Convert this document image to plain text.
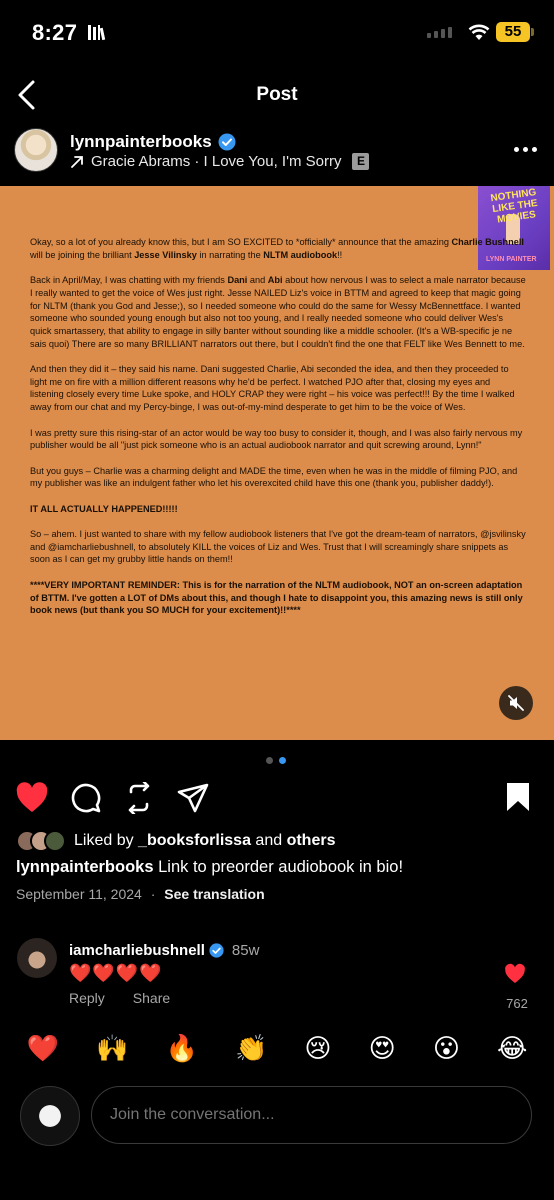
8:27	55
Post
lynnpainterbooks
Gracie Abrams · I Love You, I'm Sorry	E
NOTHING LIKE THE MOVIES
LYNN PAINTER

Okay, so a lot of you already know this, but I am SO EXCITED to *officially* announce that the amazing Charlie Bushnell will be joining the brilliant Jesse Vilinsky in narrating the NLTM audiobook!!

Back in April/May, I was chatting with my friends Dani and Abi about how nervous I was to select a male narrator because I really wanted to get the voice of Wes just right. Jesse NAILED Liz's voice in BTTM and agreed to keep that magic going for NLTM (thank you God and Jesse;), so I needed someone who could do the same for Wessy McBennettface. I wanted someone who sounded young enough but also not too young, and I really needed someone who could deliver Wes's quick smartassery, that ability to engage in silly banter without sounding like a middle schooler. (It's a WB-specific je ne sais quoi) There are so many BRILLIANT narrators out there, but I couldn't find the one that FELT like Wes Bennett to me.

And then they did it – they said his name. Dani suggested Charlie, Abi seconded the idea, and then they proceeded to light me on fire with a million different reasons why he'd be perfect. I watched PJO after that, closing my eyes and listening closely every time Luke spoke, and HOLY CRAP they were right – his voice was perfect!!! By the time I walked away from our chat and my Percy-binge, I was out-of-my-mind desperate to get him to be the voice of Wes.

I was pretty sure this rising-star of an actor would be way too busy to consider it, though, and I was also fairly nervous my publisher would be all "just pick someone who is an actual audiobook narrator and quit screwing around, Lynn!"

But you guys – Charlie was a charming delight and MADE the time, even when he was in the middle of filming PJO, and my publisher was like an indulgent father who let his overexcited child have this one (thank you, publisher daddy!).

IT ALL ACTUALLY HAPPENED!!!!!

So – ahem. I just wanted to share with my fellow audiobook listeners that I've got the dream-team of narrators, @jsvilinsky and @iamcharliebushnell, to absolutely KILL the voices of Liz and Wes. Trust that I will screamingly share snippets as soon as I can get my grubby little hands on them!!

****VERY IMPORTANT REMINDER: This is for the narration of the NLTM audiobook, NOT an on-screen adaptation of BTTM. I've gotten a LOT of DMs about this, and though I hate to disappoint you, this amazing news is still only book news (but thank you SO MUCH for your excitement)!!****

Liked by _booksforlissa and others
lynnpainterbooks Link to preorder audiobook in bio!
September 11, 2024 · See translation
iamcharliebushnell 85w
❤️❤️❤️❤️
Reply Share	762
❤️ 🙌 🔥 👏 😢 😍 😮 😂
Join the conversation...
